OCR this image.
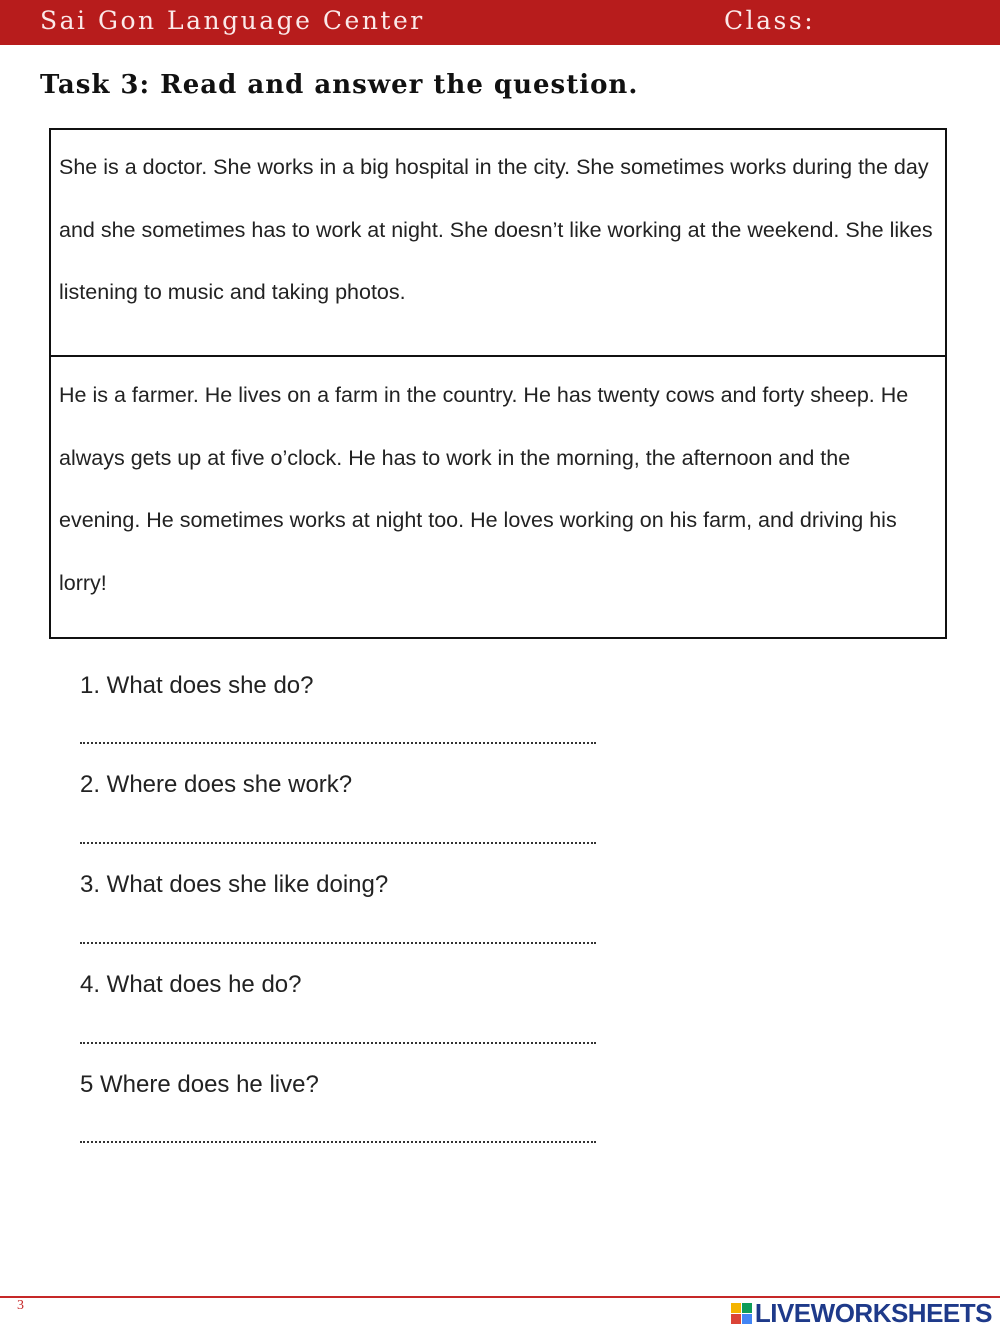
Sai Gon Language Center	Class:
Task 3: Read and answer the question.

She is a doctor. She works in a big hospital in the city. She sometimes works during the day and she sometimes has to work at night. She doesn’t like working at the weekend. She likes listening to music and taking photos.

He is a farmer. He lives on a farm in the country. He has twenty cows and forty sheep. He always gets up at five o’clock. He has to work in the morning, the afternoon and the evening. He sometimes works at night too. He loves working on his farm, and driving his lorry!

1. What does she do?
2. Where does she work?
3. What does she like doing?
4. What does he do?
5 Where does he live?
3	LIVEWORKSHEETS
